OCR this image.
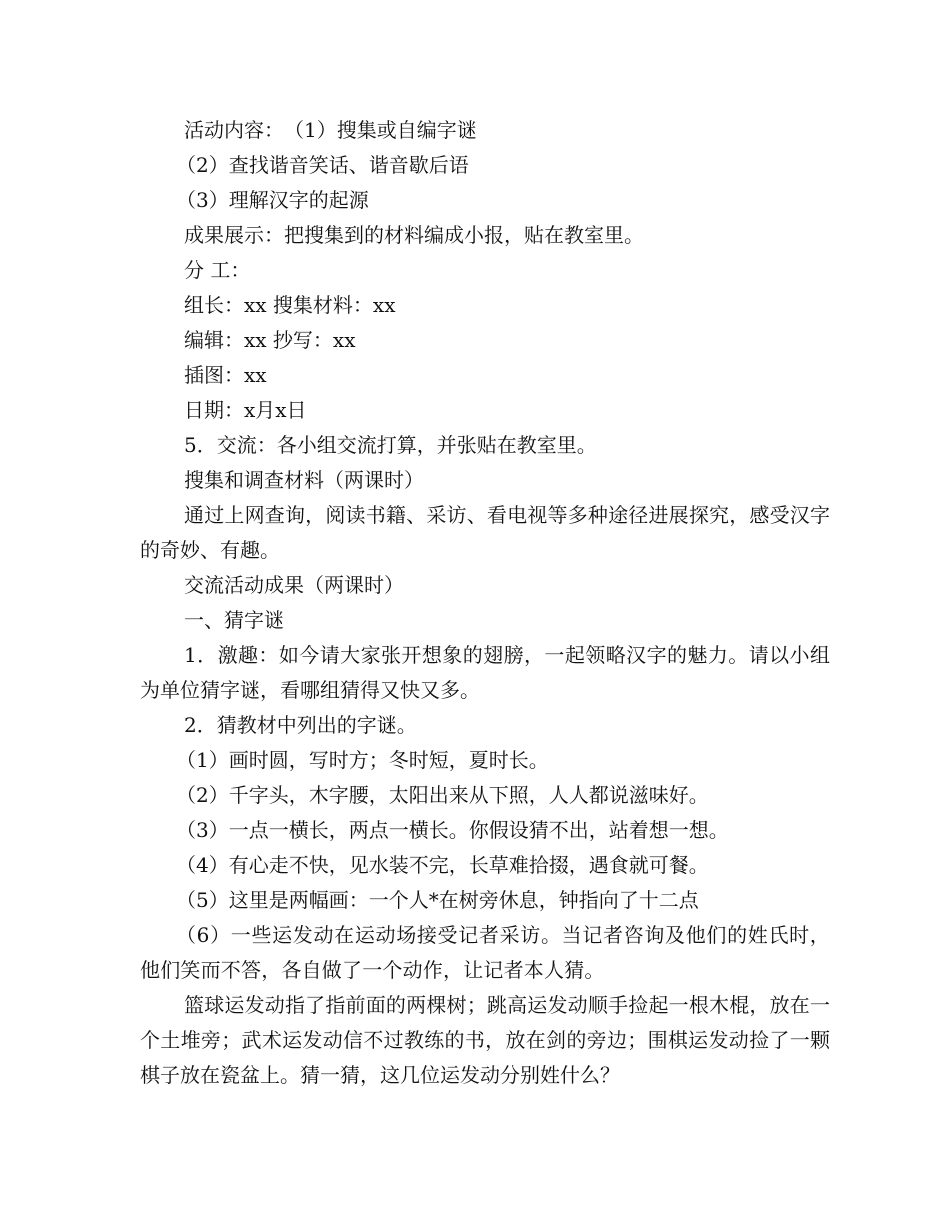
活动内容：　（1）搜集或自编字谜

（2）查找谐音笑话、谐音歇后语

（3）理解汉字的起源

成果展示：把搜集到的材料编成小报，贴在教室里。

分 工：

组长：xx 搜集材料：xx

编辑：xx 抄写：xx

插图：xx

日期：x月x日

5．交流：各小组交流打算，并张贴在教室里。

搜集和调查材料（两课时）

通过上网查询，阅读书籍、采访、看电视等多种途径进展探究，感受汉字的奇妙、有趣。

交流活动成果（两课时）

一、猜字谜

1．激趣：如今请大家张开想象的翅膀，一起领略汉字的魅力。请以小组为单位猜字谜，看哪组猜得又快又多。

2．猜教材中列出的字谜。

（1）画时圆，写时方；冬时短，夏时长。

（2）千字头，木字腰，太阳出来从下照，人人都说滋味好。

（3）一点一横长，两点一横长。你假设猜不出，站着想一想。

（4）有心走不快，见水装不完，长草难拾掇，遇食就可餐。

（5）这里是两幅画：一个人*在树旁休息，钟指向了十二点

（6）一些运发动在运动场接受记者采访。当记者咨询及他们的姓氏时，他们笑而不答，各自做了一个动作，让记者本人猜。

篮球运发动指了指前面的两棵树；跳高运发动顺手捡起一根木棍，放在一个土堆旁；武术运发动信不过教练的书，放在剑的旁边；围棋运发动捡了一颗棋子放在瓷盆上。猜一猜，这几位运发动分别姓什么？
